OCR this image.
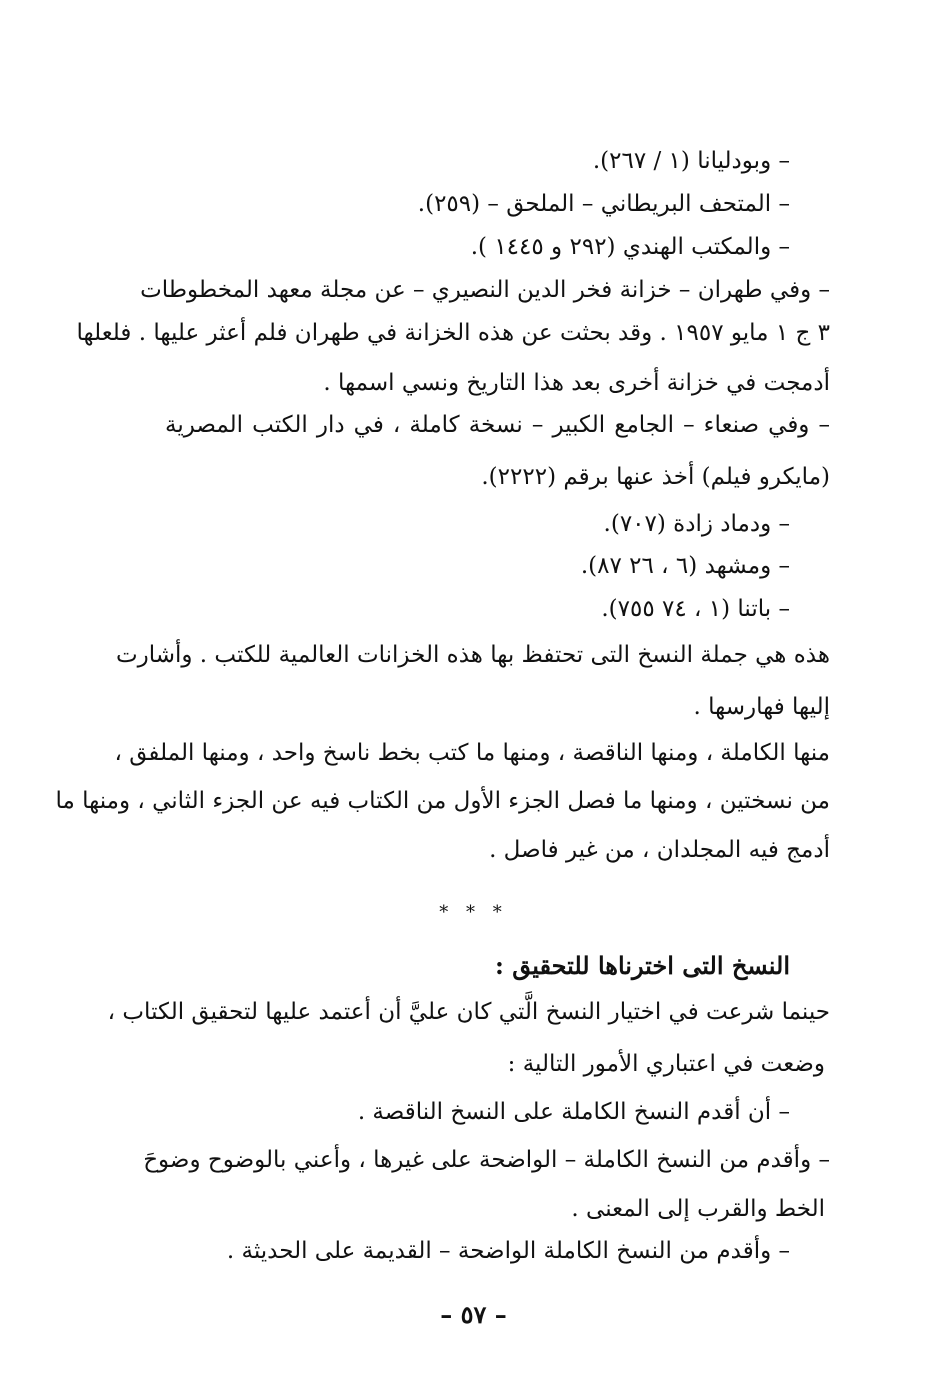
– وبودليانا (١ / ٢٦٧).
– المتحف البريطاني – الملحق – (٢٥٩).
– والمكتب الهندي (٢٩٢ و ١٤٤٥ ).
– وفي طهران – خزانة فخر الدين النصيري – عن مجلة معهد المخطوطات
٣ ج ١ مايو ١٩٥٧ . وقد بحثت عن هذه الخزانة في طهران فلم أعثر عليها . فلعلها
أدمجت في خزانة أخرى بعد هذا التاريخ ونسي اسمها .
– وفي صنعاء – الجامع الكبير – نسخة كاملة ، في دار الكتب المصرية
(مايكرو فيلم) أخذ عنها برقم (٢٢٢٢).
– ودماد زادة (٧٠٧).
– ومشهد (٦ ، ٢٦ ٨٧).
– باتنا (١ ، ٧٤ ٧٥٥).
هذه هي جملة النسخ التى تحتفظ بها هذه الخزانات العالمية للكتب . وأشارت
إليها فهارسها .
منها الكاملة ، ومنها الناقصة ، ومنها ما كتب بخط ناسخ واحد ، ومنها الملفق ،
من نسختين ، ومنها ما فصل الجزء الأول من الكتاب فيه عن الجزء الثاني ، ومنها ما
أدمج فيه المجلدان ، من غير فاصل .
* * *
النسخ التى اخترناها للتحقيق :
حينما شرعت في اختيار النسخ الَّتي كان عليَّ أن أعتمد عليها لتحقيق الكتاب ،
وضعت في اعتباري الأمور التالية :
– أن أقدم النسخ الكاملة على النسخ الناقصة .
– وأقدم من النسخ الكاملة – الواضحة على غيرها ، وأعني بالوضوح وضوحَ
الخط والقرب إلى المعنى .
– وأقدم من النسخ الكاملة الواضحة – القديمة على الحديثة .
– ٥٧ –
